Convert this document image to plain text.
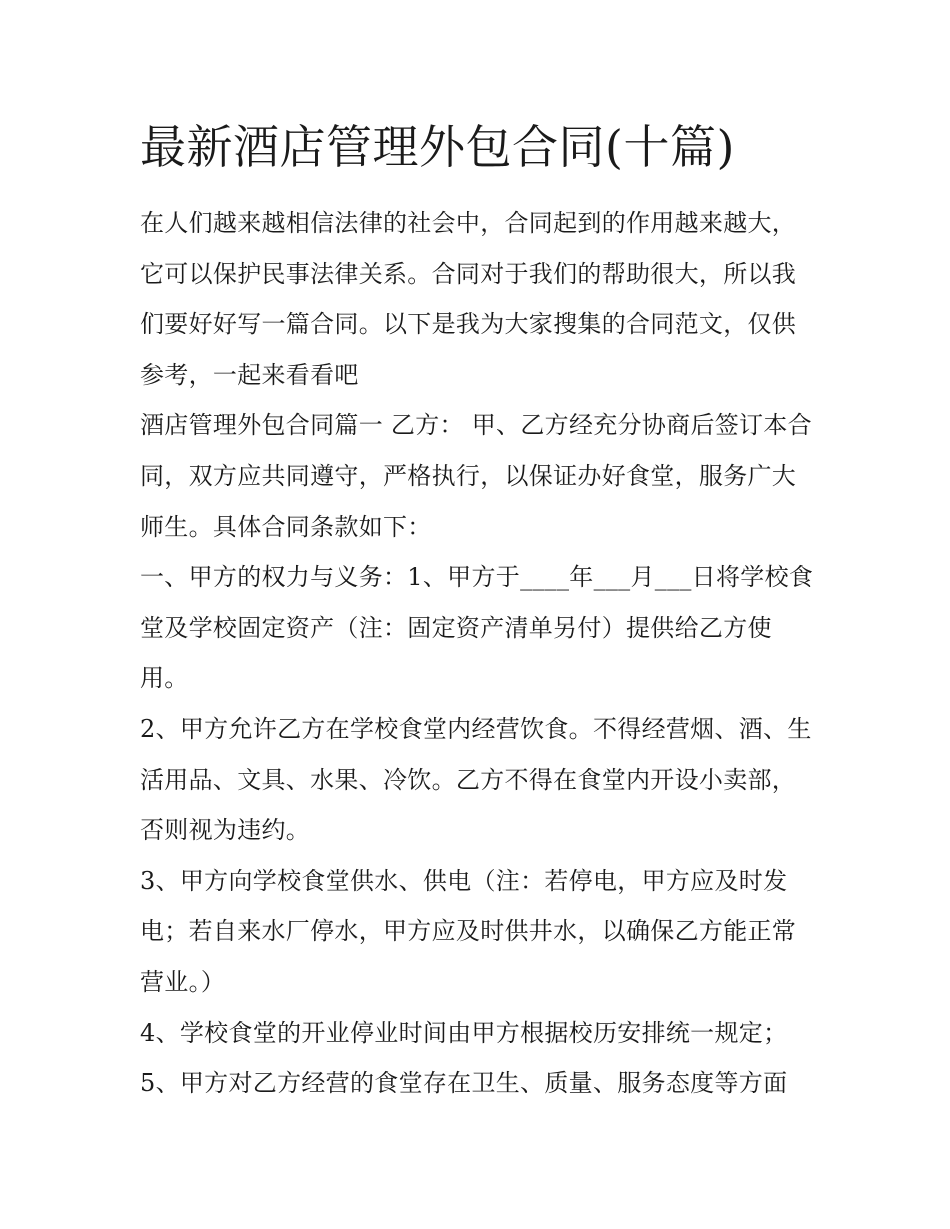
最新酒店管理外包合同(十篇)

在人们越来越相信法律的社会中，合同起到的作用越来越大，它可以保护民事法律关系。合同对于我们的帮助很大，所以我们要好好写一篇合同。以下是我为大家搜集的合同范文，仅供参考，一起来看看吧

酒店管理外包合同篇一 乙方： 甲、乙方经充分协商后签订本合同，双方应共同遵守，严格执行，以保证办好食堂，服务广大师生。具体合同条款如下：

一、甲方的权力与义务：1、甲方于____年___月___日将学校食堂及学校固定资产（注：固定资产清单另付）提供给乙方使用。

2、甲方允许乙方在学校食堂内经营饮食。不得经营烟、酒、生活用品、文具、水果、冷饮。乙方不得在食堂内开设小卖部，否则视为违约。

3、甲方向学校食堂供水、供电（注：若停电，甲方应及时发电；若自来水厂停水，甲方应及时供井水，以确保乙方能正常营业。）

4、学校食堂的开业停业时间由甲方根据校历安排统一规定；

5、甲方对乙方经营的食堂存在卫生、质量、服务态度等方面
